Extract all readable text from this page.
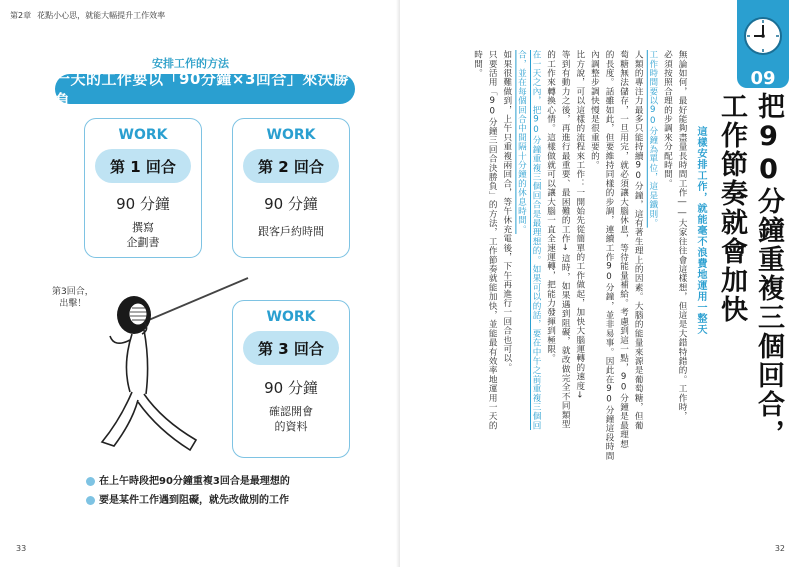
第2章 花點小心思，就能大幅提升工作效率
安排工作的方法
一天的工作要以「90分鐘×3回合」來決勝負
WORK
第 1 回合
90 分鐘
撰寫
企劃書
WORK
第 2 回合
90 分鐘
跟客戶約時間
WORK
第 3 回合
90 分鐘
確認開會
的資料
第3回合，
出擊！
在上午時段把90分鐘重複3回合是最理想的
要是某件工作遇到阻礙，就先改做別的工作
33	32
09
把90分鐘重複三個回合，
工作節奏就會加快
這樣安排工作，就能毫不浪費地運用一整天
無論如何，最好能夠盡量長時間工作――大家往往會這樣想，但這是大錯特錯的。工作時，
必須按照合理的步調來分配時間。
工作時間要以90分鐘為單位，這是鐵則。
人類的專注力最多只能持續90分鐘，這有著生理上的因素。大腦的能量來源是葡萄糖，但葡
萄糖無法儲存，一旦用完，就必須讓大腦休息，等待能量補給。考慮到這一點，90分鐘是最理想
的長度。話雖如此，但要維持同樣的步調，連續工作90分鐘，並非易事。因此在90分鐘這段時間
內調整步調快慢是很重要的。
比方說，可以這樣的流程來工作：一開始先從簡單的工作做起，加快大腦運轉的速度↓
等到有動力之後，再進行最重要、最困難的工作↓這時，如果遇到阻礙，就改做完全不同類型
的工作來轉換心情。這樣做就可以讓大腦一直全速運轉，把能力發揮到極限。
在一天之內，把90分鐘重複三個回合是最理想的。如果可以的話，要在中午之前重複三個回
合，並在每個回合中間隔十分鐘的休息時間。
如果很難做到，上午只重複兩回合，等午休充電後，下午再進行一回合也可以。
只要活用「90分鐘三回合決勝負」的方法，工作節奏就能加快，並能最有效率地運用一天的
時間。
